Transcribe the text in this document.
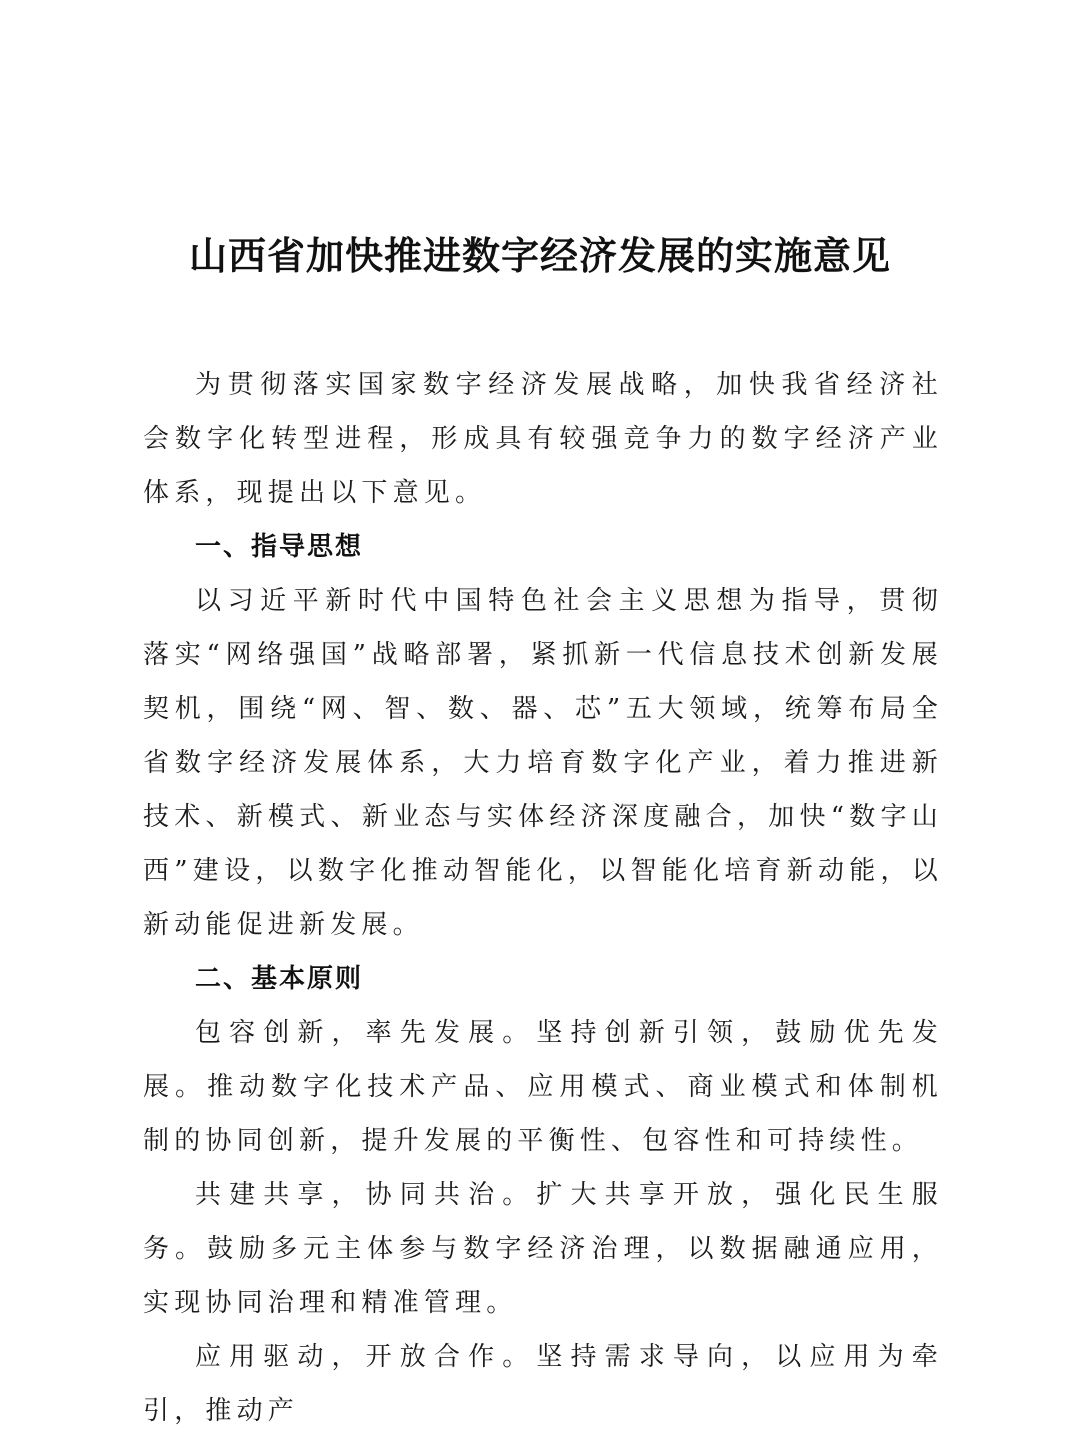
山西省加快推进数字经济发展的实施意见

为贯彻落实国家数字经济发展战略，加快我省经济社会数字化转型进程，形成具有较强竞争力的数字经济产业体系，现提出以下意见。

一、指导思想

以习近平新时代中国特色社会主义思想为指导，贯彻落实“网络强国”战略部署，紧抓新一代信息技术创新发展契机，围绕“网、智、数、器、芯”五大领域，统筹布局全省数字经济发展体系，大力培育数字化产业，着力推进新技术、新模式、新业态与实体经济深度融合，加快“数字山西”建设，以数字化推动智能化，以智能化培育新动能，以新动能促进新发展。

二、基本原则

包容创新，率先发展。坚持创新引领，鼓励优先发展。推动数字化技术产品、应用模式、商业模式和体制机制的协同创新，提升发展的平衡性、包容性和可持续性。

共建共享，协同共治。扩大共享开放，强化民生服务。鼓励多元主体参与数字经济治理，以数据融通应用，实现协同治理和精准管理。

应用驱动，开放合作。坚持需求导向，以应用为牵引，推动产
